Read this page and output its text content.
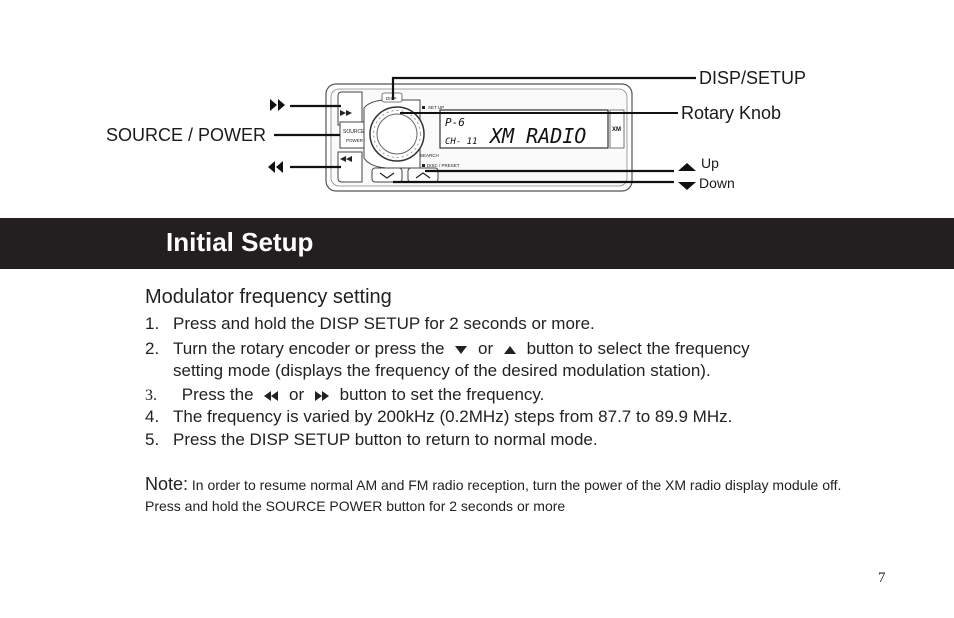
DISP
SET UP
SOURCE
POWER
SEARCH
DISC / PRESET
P-6
CH- 11 XM RADIO	XM
DISP/SETUP
Rotary Knob
SOURCE / POWER
Up
Down
Initial Setup
Modulator frequency setting
1. Press and hold the DISP SETUP for 2 seconds or more.
2. Turn the rotary encoder or press the or button to select the frequency
setting mode (displays the frequency of the desired modulation station).
3. Press the or button to set the frequency.
4. The frequency is varied by 200kHz (0.2MHz) steps from 87.7 to 89.9 MHz.
5. Press the DISP SETUP button to return to normal mode.
Note: In order to resume normal AM and FM radio reception, turn the power of the XM radio display module off. Press and hold the SOURCE POWER button for 2 seconds or more
7
